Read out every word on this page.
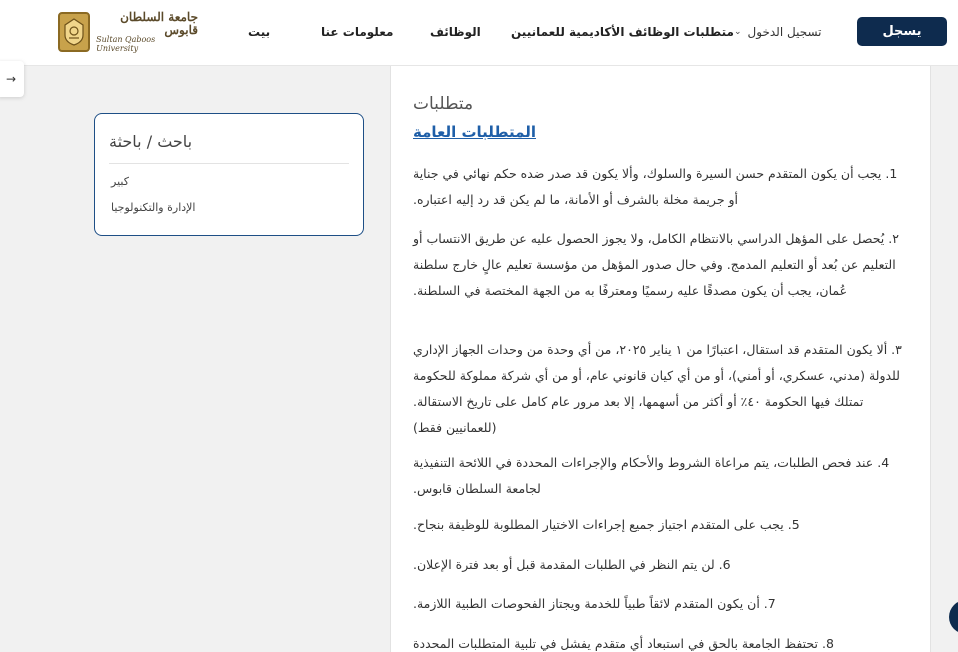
يسجل
تسجيل الدخول
⌄
متطلبات الوظائف الأكاديمية للعمانيين
الوظائف
معلومات عنا
بيت
جامعة السلطان قابوس
Sultan Qaboos University
→
باحث / باحثة
كبير
الإدارة والتكنولوجيا
متطلبات
المتطلبات العامة

1. يجب أن يكون المتقدم حسن السيرة والسلوك، وألا يكون قد صدر ضده حكم نهائي في جناية أو جريمة مخلة بالشرف أو الأمانة، ما لم يكن قد رد إليه اعتباره.

٢. يُحصل على المؤهل الدراسي بالانتظام الكامل، ولا يجوز الحصول عليه عن طريق الانتساب أو التعليم عن بُعد أو التعليم المدمج. وفي حال صدور المؤهل من مؤسسة تعليم عالٍ خارج سلطنة عُمان، يجب أن يكون مصدقًا عليه رسميًا ومعترفًا به من الجهة المختصة في السلطنة.

٣. ألا يكون المتقدم قد استقال، اعتبارًا من ١ يناير ٢٠٢٥، من أي وحدة من وحدات الجهاز الإداري للدولة (مدني، عسكري، أو أمني)، أو من أي كيان قانوني عام، أو من أي شركة مملوكة للحكومة تمتلك فيها الحكومة ٤٠٪ أو أكثر من أسهمها، إلا بعد مرور عام كامل على تاريخ الاستقالة. (للعمانيين فقط)

4. عند فحص الطلبات، يتم مراعاة الشروط والأحكام والإجراءات المحددة في اللائحة التنفيذية لجامعة السلطان قابوس.

5. يجب على المتقدم اجتياز جميع إجراءات الاختيار المطلوبة للوظيفة بنجاح.

6. لن يتم النظر في الطلبات المقدمة قبل أو بعد فترة الإعلان.

7. أن يكون المتقدم لائقاً طبياً للخدمة ويجتاز الفحوصات الطبية اللازمة.

8. تحتفظ الجامعة بالحق في استبعاد أي متقدم يفشل في تلبية المتطلبات المحددة
